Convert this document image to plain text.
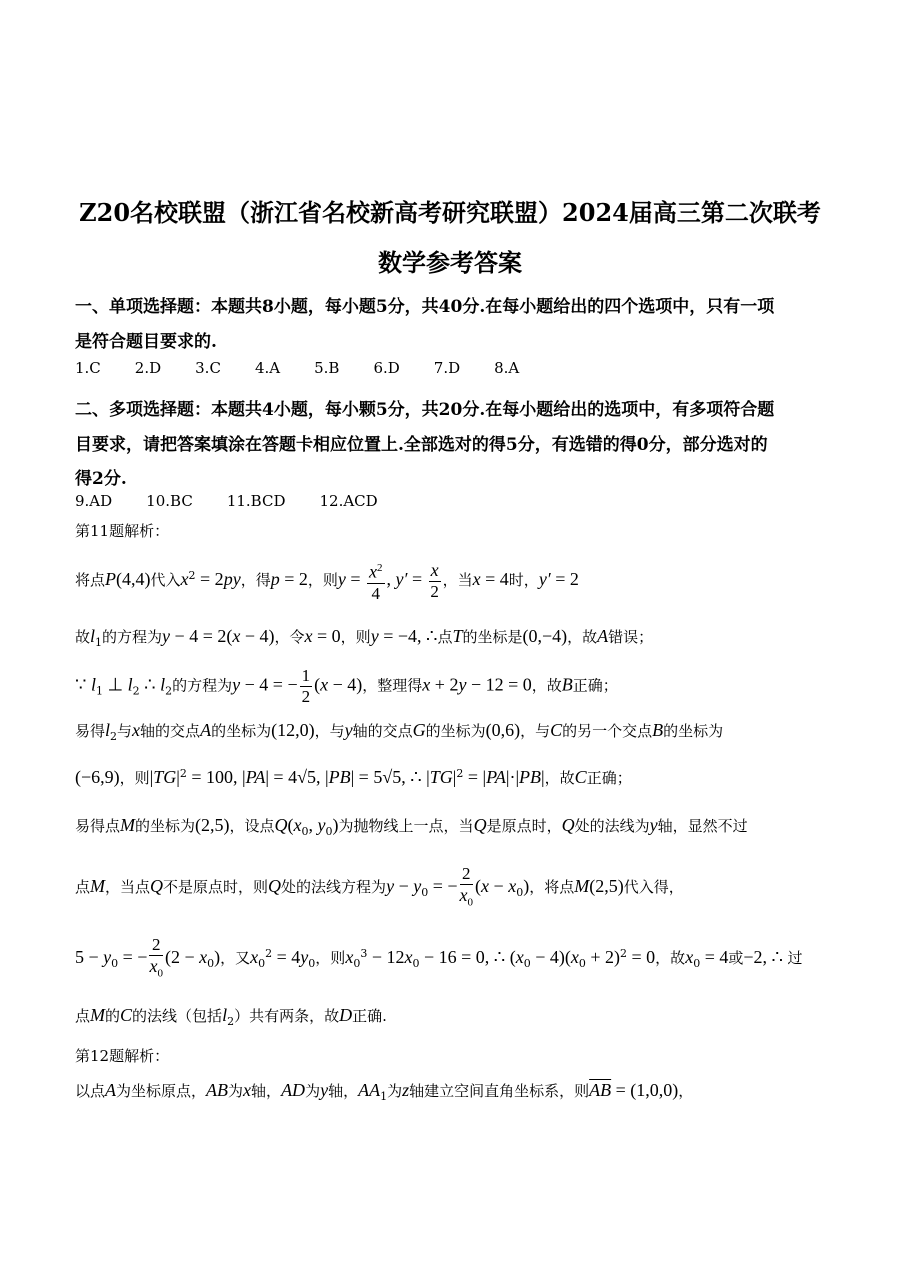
Z20名校联盟（浙江省名校新高考研究联盟）2024届高三第二次联考
数学参考答案
一、单项选择题：本题共8小题，每小题5分，共40分.在每小题给出的四个选项中，只有一项
是符合题目要求的.
1.C 2.D 3.C 4.A 5.B 6.D 7.D 8.A
二、多项选择题：本题共4小题，每小颗5分，共20分.在每小题给出的选项中，有多项符合题
目要求，请把答案填涂在答题卡相应位置上.全部选对的得5分，有选错的得0分，部分选对的
得2分.
9.AD 10.BC 11.BCD 12.ACD
第11题解析：
将点P(4,4)代入$x^2 = 2py$，得p = 2，则$y = \frac{x^2}{4}$ , $y' = \frac{x}{2}$ ，当x = 4时，y′ = 2
故$l_1$的方程为y − 4 = 2(x − 4)，令x = 0，则y = −4, ∴点T的坐标是(0,−4)，故A错误；
∵ $l_1$ ⊥ $l_2$ ∴ $l_2$的方程为y − 4 = − $\frac{1}{2} (x - 4)$，整理得x + 2y − 12 = 0，故B正确；
易得$l_2$与x轴的交点A的坐标为(12,0)，与y轴的交点G的坐标为(0,6)，与C的另一个交点B的坐标为
(−6,9)，则$|TG|^2 = 100$, |PA| = 4√5, |PB| = 5√5, ∴ $|TG|^2 = |PA|\cdot|PB|$，故C正确；
易得点M的坐标为(2,5)，设点$Q(x_0$, $y_0$)为抛物线上一点，当Q是原点时，Q处的法线为y轴，显然不过
点M，当点Q不是原点时，则Q处的法线方程为$y - y_0$ = − $\frac{2}{x_0} (x - x_0)$，将点M(2,5)代入得，
$5 - y_0$ = − $\frac{2}{x_0} (2 - x_0)$，又$x_0^2 = 4y_0$，则$x_0^3 - 12x_0 - 16 = 0$, ∴ $(x_0 - 4)(x_0 + 2)^2 = 0$，故$x_0 = 4$或−2, ∴ 过
点M的C的法线（包括$l_2$）共有两条，故D正确.
第12题解析：
以点A为坐标原点，AB为x轴，AD为y轴，$AA_1$为z轴建立空间直角坐标系，则$\overline{AB} = (1,0,0)$，
